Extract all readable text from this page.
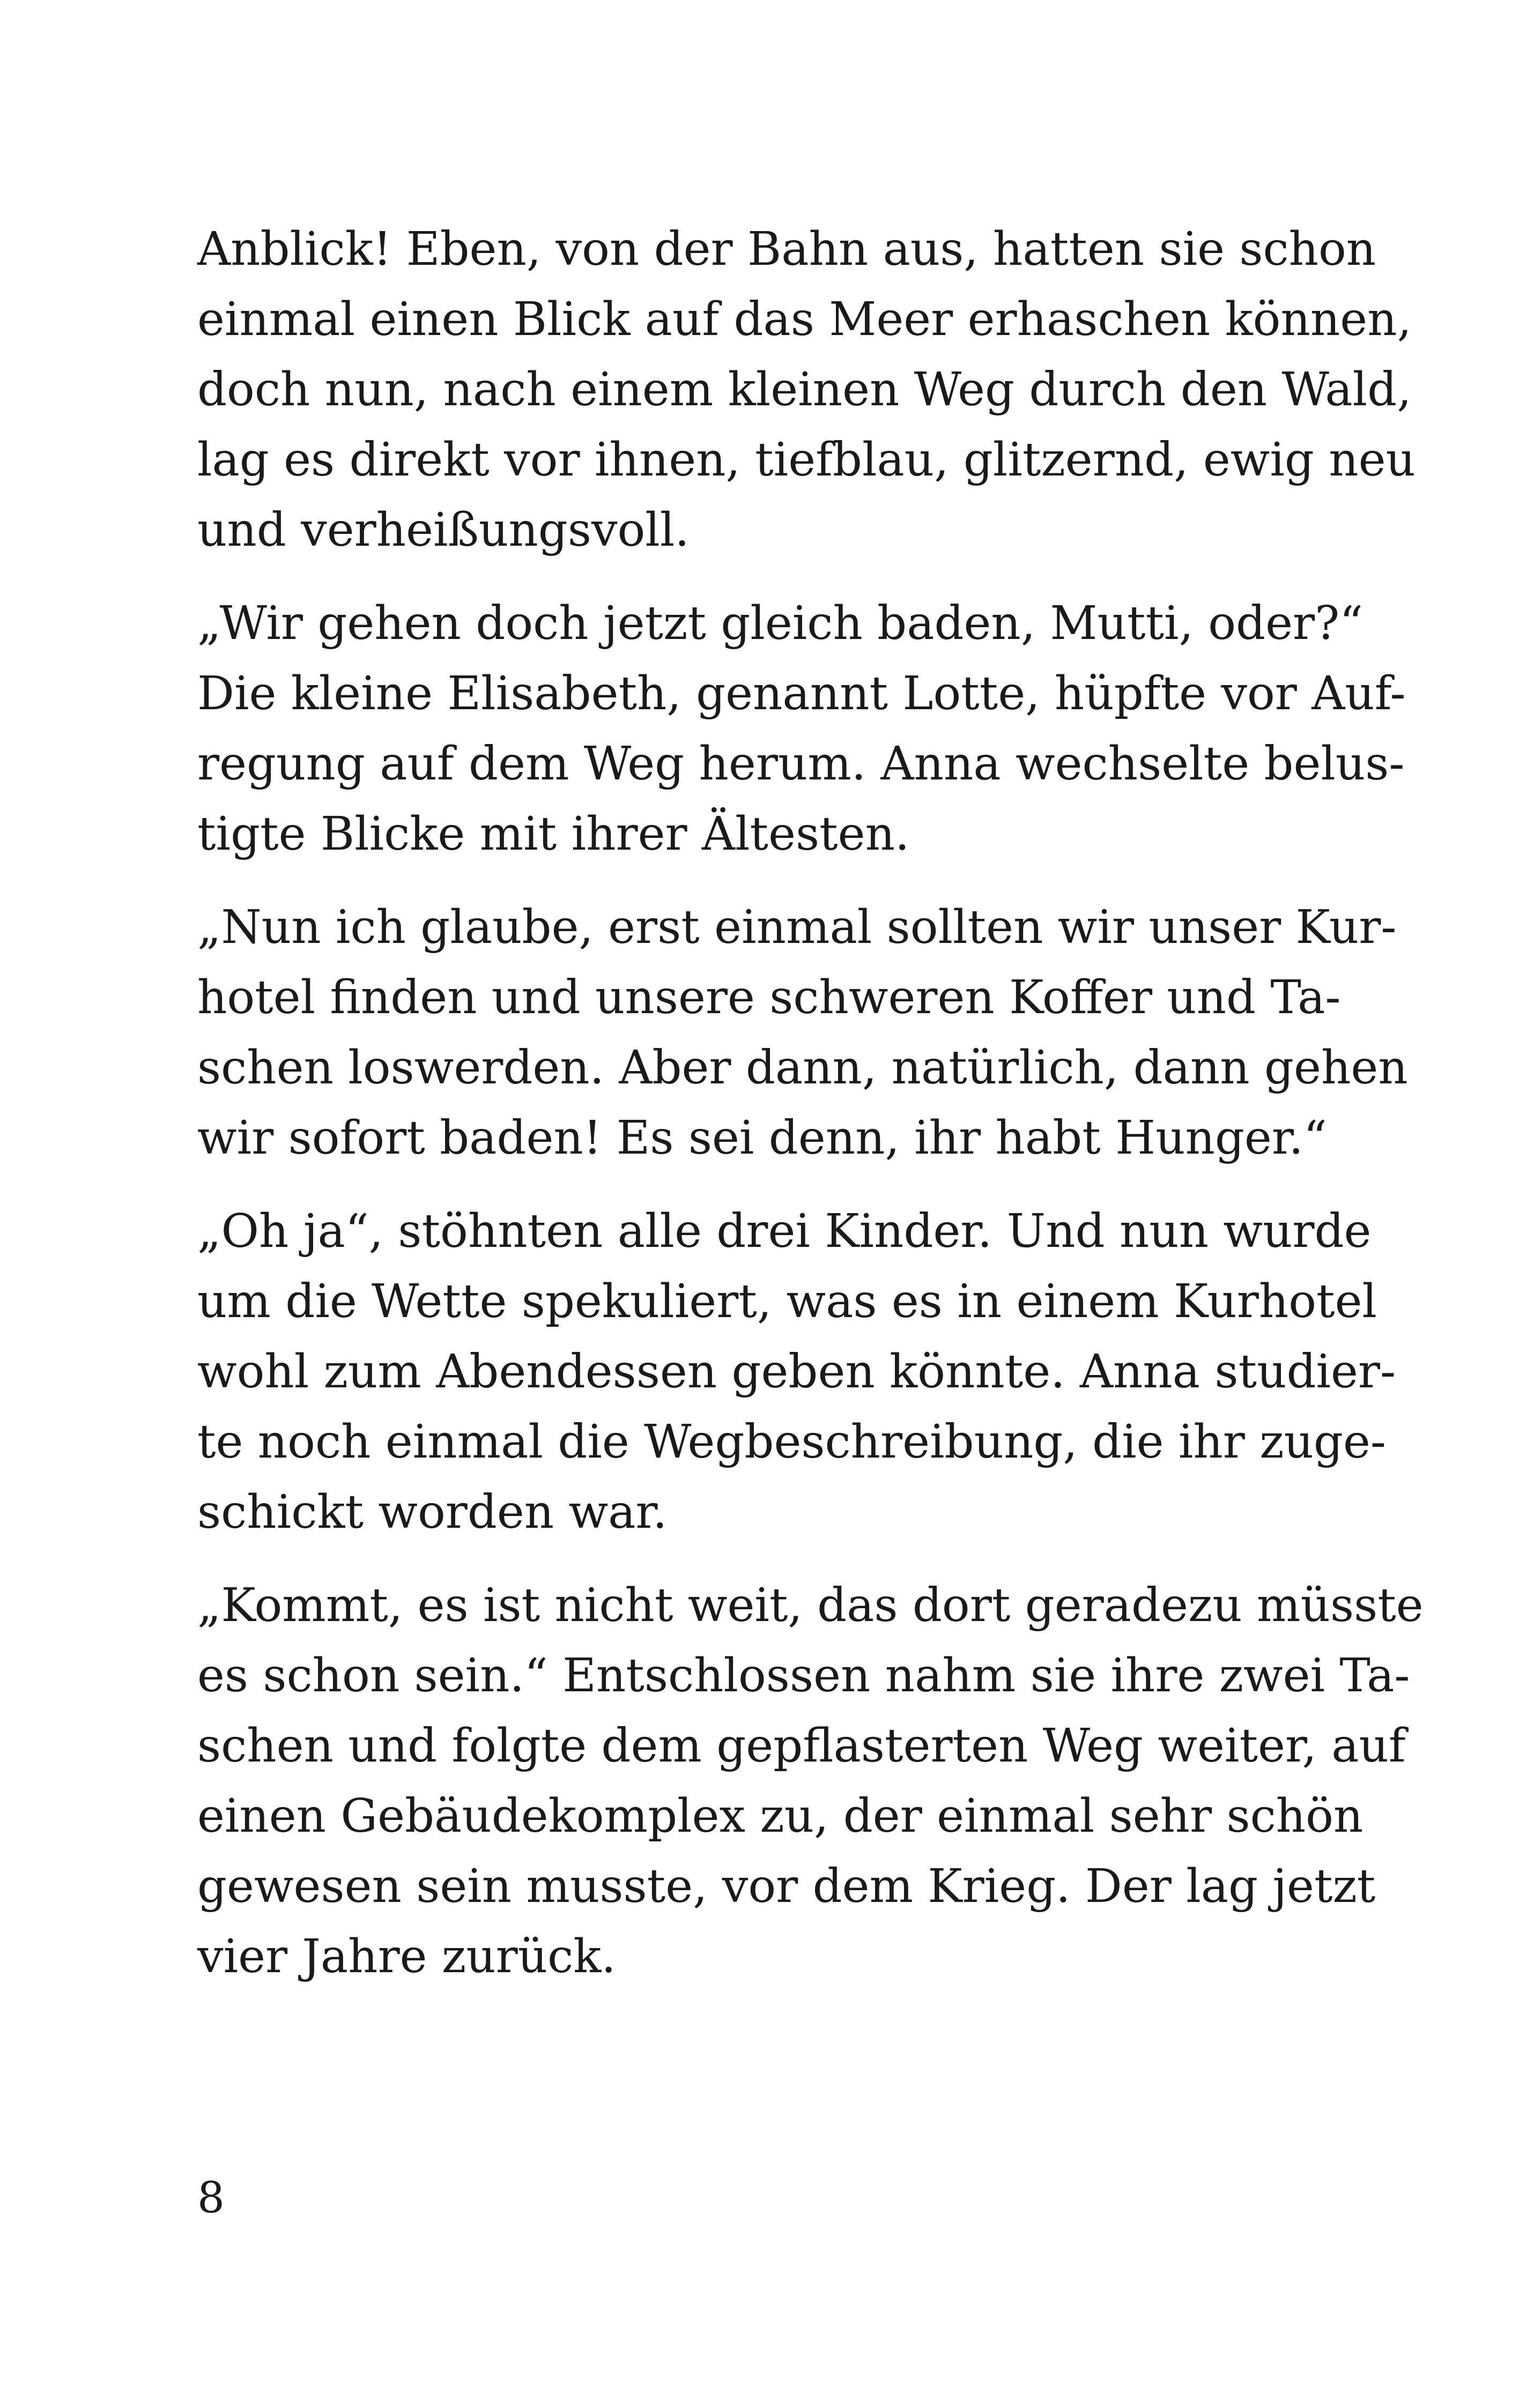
Anblick! Eben, von der Bahn aus, hatten sie schon
einmal einen Blick auf das Meer erhaschen können,
doch nun, nach einem kleinen Weg durch den Wald,
lag es direkt vor ihnen, tiefblau, glitzernd, ewig neu
und verheißungsvoll.

„Wir gehen doch jetzt gleich baden, Mutti, oder?“
Die kleine Elisabeth, genannt Lotte, hüpfte vor Auf-
regung auf dem Weg herum. Anna wechselte belus-
tigte Blicke mit ihrer Ältesten.

„Nun ich glaube, erst einmal sollten wir unser Kur-
hotel finden und unsere schweren Koffer und Ta-
schen loswerden. Aber dann, natürlich, dann gehen
wir sofort baden! Es sei denn, ihr habt Hunger.“

„Oh ja“, stöhnten alle drei Kinder. Und nun wurde
um die Wette spekuliert, was es in einem Kurhotel
wohl zum Abendessen geben könnte. Anna studier-
te noch einmal die Wegbeschreibung, die ihr zuge-
schickt worden war.

„Kommt, es ist nicht weit, das dort geradezu müsste
es schon sein.“ Entschlossen nahm sie ihre zwei Ta-
schen und folgte dem gepflasterten Weg weiter, auf
einen Gebäudekomplex zu, der einmal sehr schön
gewesen sein musste, vor dem Krieg. Der lag jetzt
vier Jahre zurück.

8
